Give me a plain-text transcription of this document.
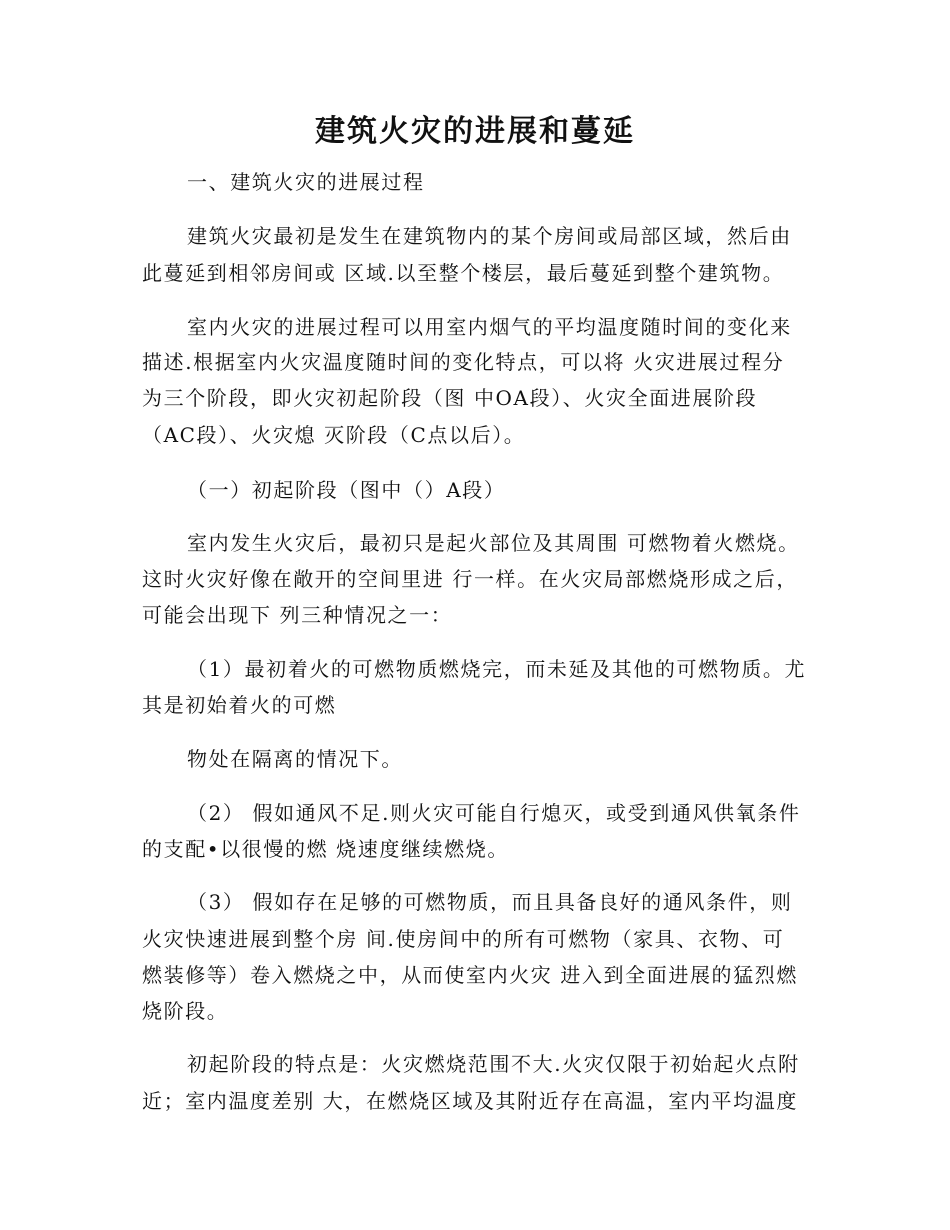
建筑火灾的进展和蔓延
一、建筑火灾的进展过程
建筑火灾最初是发生在建筑物内的某个房间或局部区域，然后由
此蔓延到相邻房间或 区域.以至整个楼层，最后蔓延到整个建筑物。
室内火灾的进展过程可以用室内烟气的平均温度随时间的变化来
描述.根据室内火灾温度随时间的变化特点，可以将 火灾进展过程分
为三个阶段，即火灾初起阶段（图 中OA段）、火灾全面进展阶段
（AC段）、火灾熄 灭阶段（C点以后）。
（一）初起阶段（图中（）A段）
室内发生火灾后，最初只是起火部位及其周围 可燃物着火燃烧。
这时火灾好像在敞开的空间里进 行一样。在火灾局部燃烧形成之后，
可能会出现下 列三种情况之一：
（1）最初着火的可燃物质燃烧完，而未延及其他的可燃物质。尤
其是初始着火的可燃
物处在隔离的情况下。
（2） 假如通风不足.则火灾可能自行熄灭，或受到通风供氧条件
的支配•以很慢的燃 烧速度继续燃烧。
（3） 假如存在足够的可燃物质，而且具备良好的通风条件，则
火灾快速进展到整个房 间.使房间中的所有可燃物（家具、衣物、可
燃装修等）卷入燃烧之中，从而使室内火灾 进入到全面进展的猛烈燃
烧阶段。
初起阶段的特点是：火灾燃烧范围不大.火灾仅限于初始起火点附
近；室内温度差别 大，在燃烧区域及其附近存在高温，室内平均温度
